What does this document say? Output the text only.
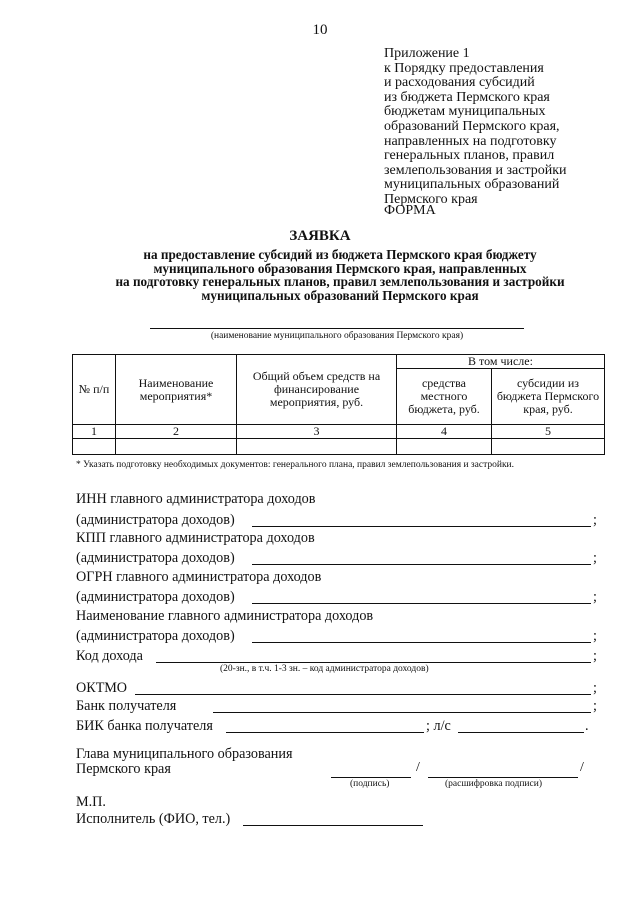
10
Приложение 1
к Порядку предоставления
и расходования субсидий
из бюджета Пермского края
бюджетам муниципальных
образований Пермского края,
направленных на подготовку
генеральных планов, правил
землепользования и застройки
муниципальных образований
Пермского края
ФОРМА
ЗАЯВКА
на предоставление субсидий из бюджета Пермского края бюджету
муниципального образования Пермского края, направленных
на подготовку генеральных планов, правил землепользования и застройки
муниципальных образований Пермского края
(наименование муниципального образования Пермского края)
№ п/п	Наименование мероприятия*	Общий объем средств на финансирование мероприятия, руб.	В том числе:	
			средства местного бюджета, руб.	субсидии из бюджета Пермского края, руб.
1	2	3	4	5

* Указать подготовку необходимых документов: генерального плана, правил землепользования и застройки.
ИНН главного администратора доходов
(администратора доходов)	;
КПП главного администратора доходов
(администратора доходов)	;
ОГРН главного администратора доходов
(администратора доходов)	;
Наименование главного администратора доходов
(администратора доходов)	;
Код дохода	;
(20-зн., в т.ч. 1-3 зн. – код администратора доходов)
ОКТМО	;
Банк получателя	;
БИК банка получателя	; л/с	.
Глава муниципального образования
Пермского края	/	/
(подпись)	(расшифровка подписи)
М.П.
Исполнитель (ФИО, тел.)
